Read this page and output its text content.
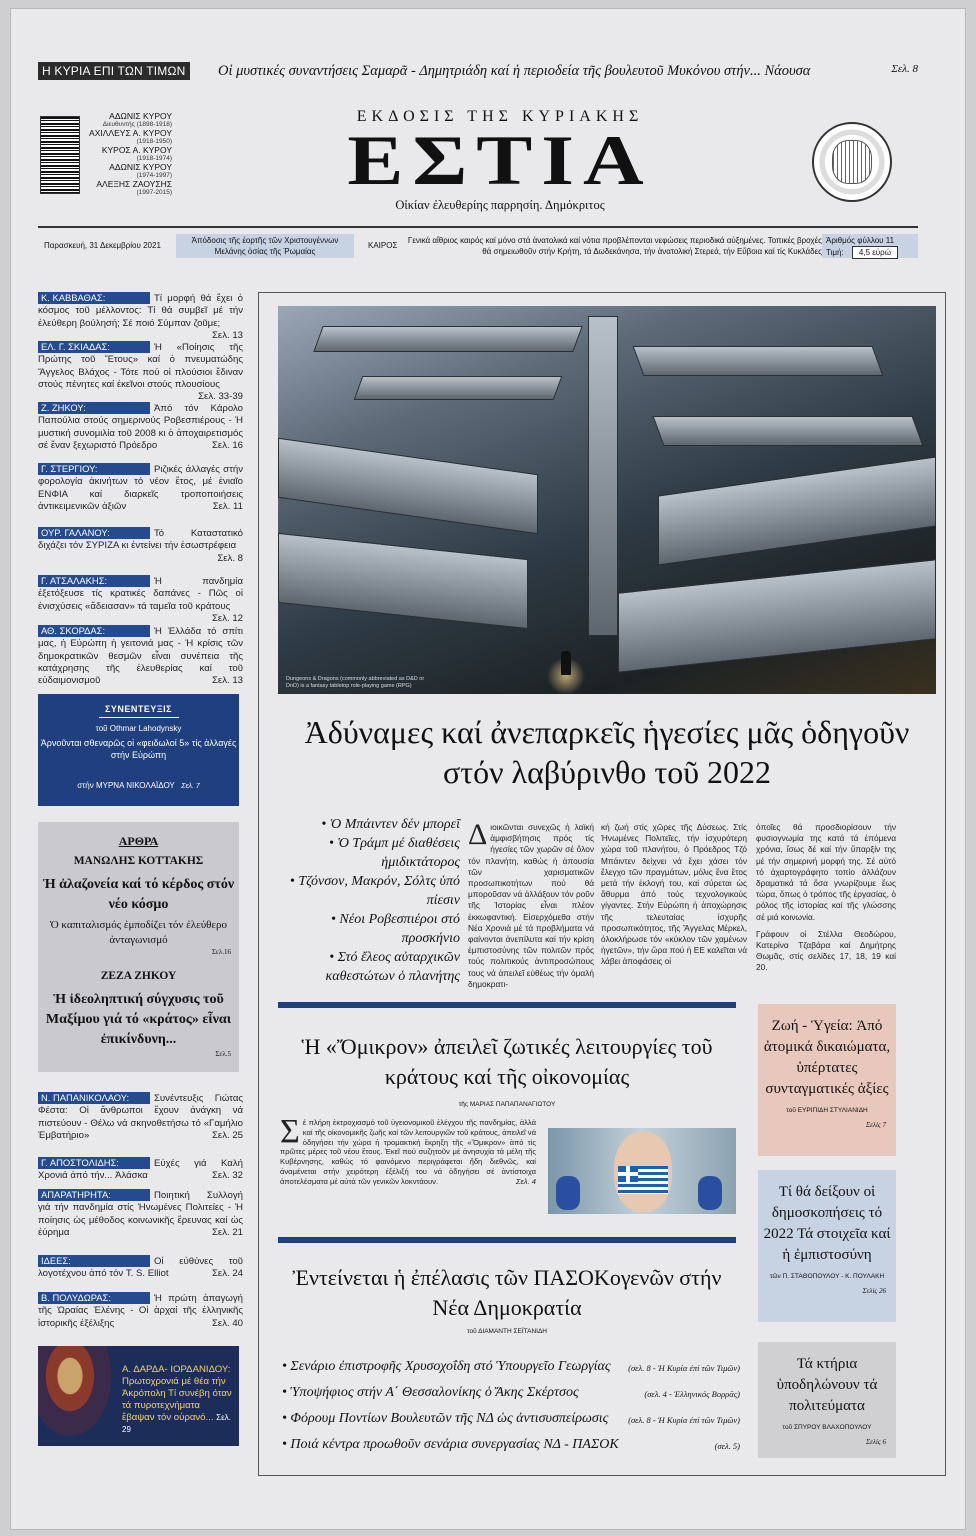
Η ΚΥΡΙΑ ΕΠΙ ΤΩΝ ΤΙΜΩΝ Οἱ μυστικές συναντήσεις Σαμαρᾶ - Δημητριάδη καί ἡ περιοδεία τῆς βουλευτοῦ Μυκόνου στήν... Νάουσα	Σελ. 8
ΑΔΩΝΙΣ ΚΥΡΟΥ
Διευθυντής (1898-1918)
ΑΧΙΛΛΕΥΣ Α. ΚΥΡΟΥ
(1918-1950)
ΚΥΡΟΣ Α. ΚΥΡΟΥ
(1918-1974)
ΑΔΩΝΙΣ ΚΥΡΟΥ
(1974-1997)
ΑΛΕΞΗΣ ΖΑΟΥΣΗΣ
(1997-2015)
ΕΚΔΟΣΙΣ ΤΗΣ ΚΥΡΙΑΚΗΣ
ΕΣΤΙΑ
Οἰκίαν ἐλευθερίης παρρησίη. Δημόκριτος
Παρασκευή, 31 Δεκεμβρίου 2021
Ἀπόδοσις τῆς ἑορτῆς τῶν Χριστουγέννων Μελάνης ὁσίας τῆς Ῥωμαίας
ΚΑΙΡΟΣ
Γενικά αἴθριος καιρός καί μόνο στά ἀνατολικά καί νότια προβλέπονται νεφώσεις περιοδικά αὐξημένες. Τοπικές βροχές θά σημειωθοῦν στήν Κρήτη, τά Δωδεκάνησα, τήν ἀνατολική Στερεά, τήν Εὔβοια καί τίς Κυκλάδες
Ἀριθμός φύλλου 11
Τιμή: 4,5 εὐρώ
Κ. ΚΑΒΒΑΘΑΣ:	Τί μορφή θά ἔχει ὁ κόσμος τοῦ μέλλοντος: Τί θά συμβεῖ μέ τήν ἐλεύθερη βούλησή; Σέ ποιό Σύμπαν ζοῦμε;
Σελ. 13
ΕΛ. Γ. ΣΚΙΑΔΑΣ:	Ἡ «Ποίησις τῆς Πρώτης τοῦ Ἔτους» καί ὁ πνευματώδης Ἄγγελος Βλάχος - Τότε πού οἱ πλούσιοι ἔδιναν στούς πένητες καί ἐκεῖνοι στούς πλουσίους
Σελ. 33-39
Ζ. ΖΗΚΟΥ:	Ἀπό τόν Κάρολο Παπούλια στούς σημερινούς Ροβεσπιέρους - Ἡ μυστική συνομιλία τοῦ 2008 κι ὁ ἀποχαιρετισμός σέ ἕναν ξεχωριστό Πρόεδρο	Σελ. 16
Γ. ΣΤΕΡΓΙΟΥ:	Ριζικές ἀλλαγές στήν φορολογία ἀκινήτων τό νέον ἔτος, μέ ἑνιαῖο ΕΝΦΙΑ καί διαρκεῖς τροποποιήσεις ἀντικειμενικῶν ἀξιῶν	Σελ. 11
ΟΥΡ. ΓΑΛΑΝΟΥ:	Τό Καταστατικό διχάζει τόν ΣΥΡΙΖΑ κι ἐντείνει τήν ἐσωστρέφεια
Σελ. 8
Γ. ΑΤΣΑΛΑΚΗΣ:	Ἡ πανδημία ἐξετόξευσε τίς κρατικές δαπάνες - Πῶς οἱ ἐνισχύσεις «ἄδειασαν» τά ταμεῖα τοῦ κράτους
Σελ. 12
ΑΘ. ΣΚΟΡΔΑΣ:	Ἡ Ἑλλάδα τό σπίτι μας, ἡ Εὐρώπη ἡ γειτονιά μας - Ἡ κρίσις τῶν δημοκρατικῶν θεσμῶν εἶναι συνέπεια τῆς κατάχρησης τῆς ἐλευθερίας καί τοῦ εὐδαιμονισμοῦ	Σελ. 13
ΣΥΝΕΝΤΕΥΞΙΣ
τοῦ Othmar Lahodynsky
Ἀρνοῦνται σθεναρῶς οἱ «φειδωλοί 5» τίς ἀλλαγές στήν Εὐρώπη
στήν ΜΥΡΝΑ ΝΙΚΟΛΑΪΔΟΥ Σελ. 7
ΑΡΘΡΑ
ΜΑΝΩΛΗΣ ΚΟΤΤΑΚΗΣ
Ἡ ἀλαζονεία καί τό κέρδος στόν νέο κόσμο
Ὁ καπιταλισμός ἐμποδίζει τόν ἐλεύθερο ἀνταγωνισμό
Σελ.16
ΖΕΖΑ ΖΗΚΟΥ
Ἡ ἰδεοληπτική σύγχυσις τοῦ Μαξίμου γιά τό «κράτος» εἶναι ἐπικίνδυνη...
Σελ.5
Ν. ΠΑΠΑΝΙΚΟΛΑΟΥ:	Συνέντευξις Γιώτας Φέστα: Οἱ ἄνθρωποι ἔχουν ἀνάγκη νά πιστεύουν - Θέλω νά σκηνοθετήσω τό «Γαμήλιο Ἐμβατήριο»	Σελ. 25
Γ. ΑΠΟΣΤΟΛΙΔΗΣ:	Εὐχές γιά Καλή Χρονιά ἀπό τήν... Ἀλάσκα	Σελ. 32
ΑΠΑΡΑΤΗΡΗΤΑ:	Ποιητική Συλλογή γιά τήν πανδημία στίς Ἡνωμένες Πολιτείες - Ἡ ποίησις ὡς μέθοδος κοινωνικῆς ἔρευνας καί ὡς ἐύρημα	Σελ. 21
ΙΔΕΕΣ:	Οἱ εὐθύνες τοῦ λογοτέχνου ἀπό τόν T. S. Elliot	Σελ. 24
Β. ΠΟΛΥΔΩΡΑΣ:	Ἡ πρώτη ἀπαγωγή τῆς Ὡραίας Ἑλένης - Οἱ ἀρχαί τῆς ἑλληνικῆς ἱστορικῆς ἐξέλιξης	Σελ. 40
Α. ΔΑΡΔΑ- ΙΟΡΔΑΝΙΔΟΥ: Πρωτοχρονιά μέ θέα τήν Ἀκρόπολη Τί συνέβη όταν τά πυροτεχνήματα ἔβαψαν τόν οὐρανό... Σελ. 29
Dungeons & Dragons (commonly abbreviated as D&D or DnD) is a fantasy tabletop role-playing game (RPG)
Ἀδύναμες καί ἀνεπαρκεῖς ἡγεσίες μᾶς ὁδηγοῦν στόν λαβύρινθο τοῦ 2022
• Ὁ Μπάιντεν δέν μπορεῖ
• Ὁ Τράμπ μέ διαθέσεις ἡμιδικτάτορος
• Τζόνσον, Μακρόν, Σόλτς ὑπό πίεσιν
• Νέοι Ροβεσπιέροι στό προσκήνιο
• Στό ἔλεος αὐταρχικῶν καθεστώτων ὁ πλανήτης
Διοικῶνται συνεχῶς ἡ λαϊκή ἀμφισβήτησις πρός τίς ἡγεσίες τῶν χωρῶν σέ ὅλον τόν πλανήτη, καθώς ἡ ἀπουσία τῶν χαρισματικῶν προσωπικοτήτων πού θά μποροῦσαν νά ἀλλάξουν τόν ροῦν τῆς Ἱστορίας εἶναι πλέον ἐκκωφαντική. Εἰσερχόμεθα στήν Νέα Χρονιά μέ τά προβλήματα νά φαίνονται ἀνεπίλυτα καί τήν κρίση ἐμπιστοσύνης τῶν πολιτῶν πρός τούς πολιτικούς ἀντιπροσώπους τους νά ἀπειλεῖ εὐθέως τήν ὁμαλή δημοκρατι-
κή ζωή στίς χῶρες τῆς Δύσεως. Στίς Ἡνωμένες Πολιτεῖες, τήν ἰσχυρότερη χώρα τοῦ πλανήτου, ὁ Πρόεδρος Τζό Μπάιντεν δείχνει νά ἔχει χάσει τόν ἔλεγχο τῶν πραγμάτων, μόλις ἕνα ἔτος μετά τήν ἐκλογή του, καί σύρεται ὡς ἄθυρμα ἀπό τούς τεχνολογικούς γίγαντες. Στήν Εὐρώπη ἡ ἀποχώρησις τῆς τελευταίας ἰσχυρῆς προσωπικότητος, τῆς Ἄγγελας Μέρκελ, ὁλοκλήρωσε τόν «κύκλον τῶν χαμένων ἡγετῶν», τήν ὥρα πού ἡ ΕΕ καλεῖται νά λάβει ἀποφάσεις οἱ
ὁποῖες θά προσδιορίσουν τήν φυσιογνωμία της κατά τά ἑπόμενα χρόνια, ἴσως δέ καί τήν ὕπαρξίν της μέ τήν σημερινή μορφή της. Σέ αὐτό τό ἀχαρτογράφητο τοπίο ἀλλάζουν δραματικά τά ὅσα γνωρίζουμε ἕως τώρα, ὅπως ὁ τρόπος τῆς ἐργασίας, ὁ ρόλος τῆς ἱστορίας καί τῆς γλώσσης σέ μιά κοινωνία.
Γράφουν οἱ Στέλλα Θεοδώρου, Κατερίνα Τζαβάρα καί Δημήτρης Θωμᾶς, στίς σελίδες 17, 18, 19 καί 20.
Ἡ «Ὄμικρον» ἀπειλεῖ ζωτικές λειτουργίες τοῦ κράτους καί τῆς οἰκονομίας
τῆς ΜΑΡΙΑΣ ΠΑΠΑΠΑΝΑΓΙΩΤΟΥ
Σέ πλήρη ἐκτροχιασμό τοῦ ὑγειονομικοῦ ἐλέγχου τῆς πανδημίας, ἀλλά καί τῆς οἰκονομικῆς ζωῆς καί τῶν λειτουργιῶν τοῦ κράτους, ἀπειλεῖ νά ὁδηγήσει τήν χώρα ἡ τρομακτική ἔκρηξη τῆς «Ὄμικρον» ἀπό τίς πρῶτες μέρες τοῦ νέου ἔτους. Ἐκεῖ πού συζητοῦν μέ ἀνησυχία τά μέλη τῆς Κυβέρνησης, καθώς τό φαινόμενο περιγράφεται ἤδη διεθνῶς, καί ἀναμένεται στήν χειρότερη ἐξέλιξή του νά ὁδηγήσει σέ ἀντίστοιχα ἀποτελέσματα μέ αὐτά τῶν γενικῶν λοκντάουν.	Σελ. 4
Ἐντείνεται ἡ ἐπέλασις τῶν ΠΑΣΟΚογενῶν στήν Νέα Δημοκρατία
τοῦ ΔΙΑΜΑΝΤΗ ΣΕΪΤΑΝΙΔΗ
• Σενάριο ἐπιστροφῆς Χρυσοχοΐδη στό Ὑπουργεῖο Γεωργίας (σελ. 8 - Ἡ Κυρία ἐπί τῶν Τιμῶν)
• Ὑποψήφιος στήν Α΄ Θεσσαλονίκης ὁ Ἄκης Σκέρτσος	(σελ. 4 - Ἑλληνικός Βορρᾶς)
• Φόρουμ Ποντίων Βουλευτῶν τῆς ΝΔ ὡς ἀντισυσπείρωσις (σελ. 8 - Ἡ Κυρία ἐπί τῶν Τιμῶν)
• Ποιά κέντρα προωθοῦν σενάρια συνεργασίας ΝΔ - ΠΑΣΟΚ	(σελ. 5)
Ζωή - Ὑγεία: Ἀπό ἀτομικά δικαιώματα, ὑπέρτατες συνταγματικές ἀξίες
τοῦ ΕΥΡΙΠΙΔΗ ΣΤΥΛΙΑΝΙΔΗ
Σελίς 7
Τί θά δείξουν οἱ δημοσκοπήσεις τό 2022 Τά στοιχεῖα καί ἡ ἐμπιστοσύνη
τῶν Π. ΣΤΑΘΟΠΟΥΛΟΥ - Κ. ΠΟΥΛΑΚΗ
Σελίς 26
Τά κτήρια ὑποδηλώνουν τά πολιτεύματα
τοῦ ΣΠΥΡΟΥ ΒΛΑΧΟΠΟΥΛΟΥ
Σελίς 6
